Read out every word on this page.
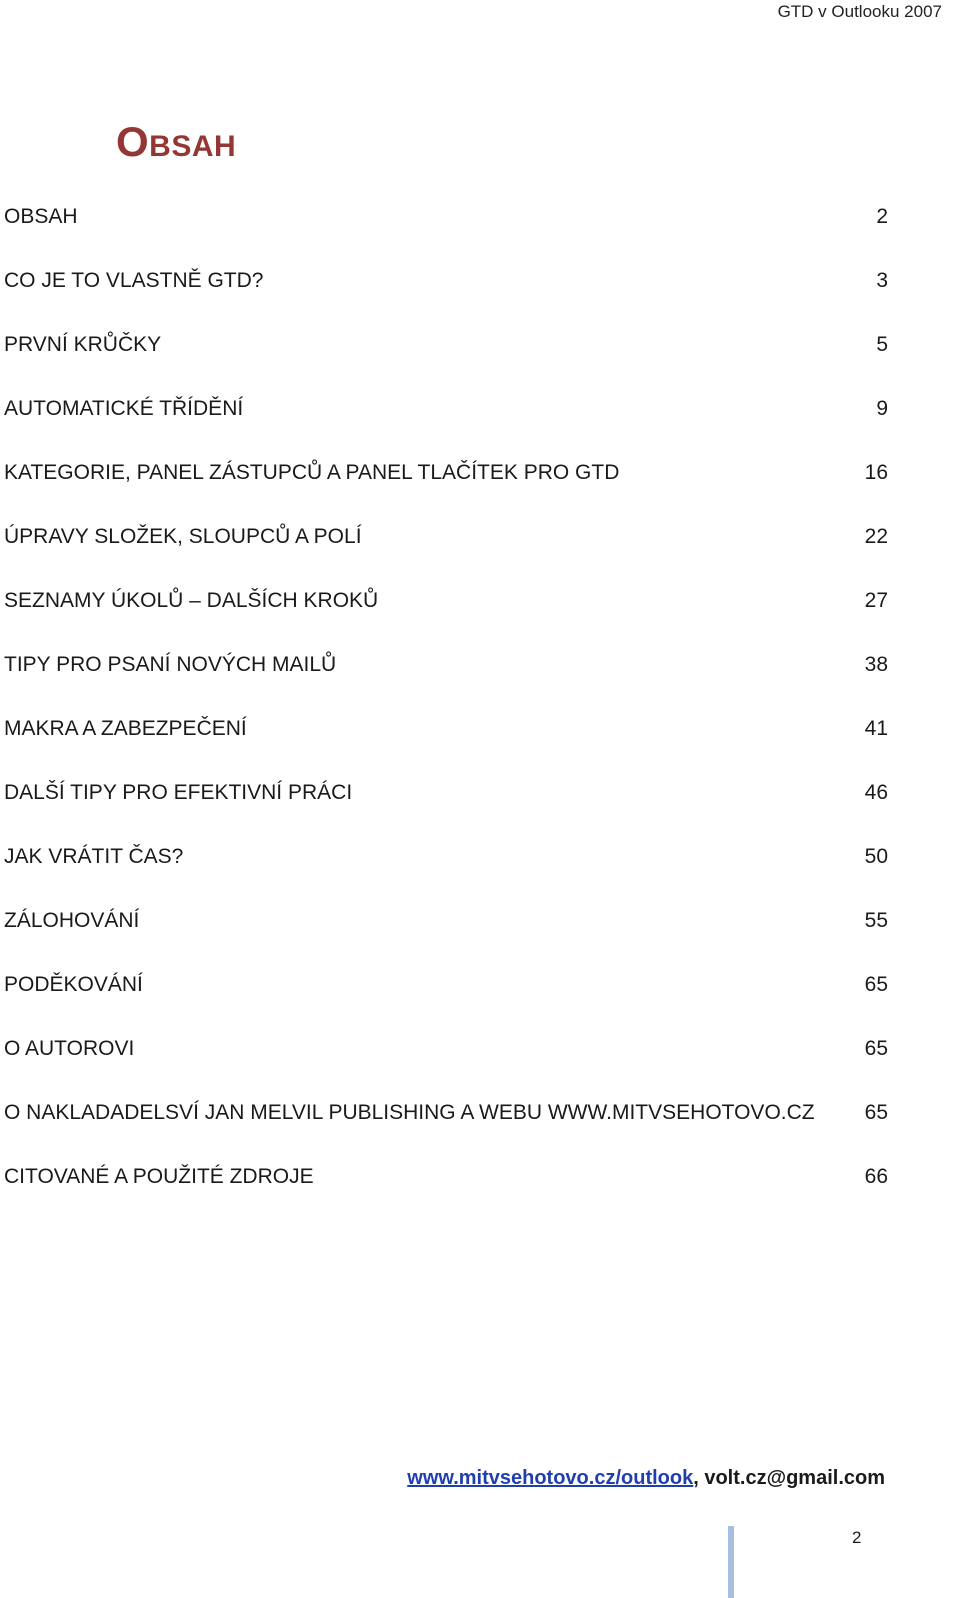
GTD v Outlooku 2007
OBSAH
OBSAH	2
CO JE TO VLASTNĚ GTD?	3
PRVNÍ KRŮČKY	5
AUTOMATICKÉ TŘÍDĚNÍ	9
KATEGORIE, PANEL ZÁSTUPCŮ A PANEL TLAČÍTEK PRO GTD	16
ÚPRAVY SLOŽEK, SLOUPCŮ A POLÍ	22
SEZNAMY ÚKOLŮ – DALŠÍCH KROKŮ	27
TIPY PRO PSANÍ NOVÝCH MAILŮ	38
MAKRA A ZABEZPEČENÍ	41
DALŠÍ TIPY PRO EFEKTIVNÍ PRÁCI	46
JAK VRÁTIT ČAS?	50
ZÁLOHOVÁNÍ	55
PODĚKOVÁNÍ	65
O AUTOROVI	65
O NAKLADADELSVÍ JAN MELVIL PUBLISHING A WEBU WWW.MITVSEHOTOVO.CZ 65
CITOVANÉ A POUŽITÉ ZDROJE	66
www.mitvsehotovo.cz/outlook, volt.cz@gmail.com
2
